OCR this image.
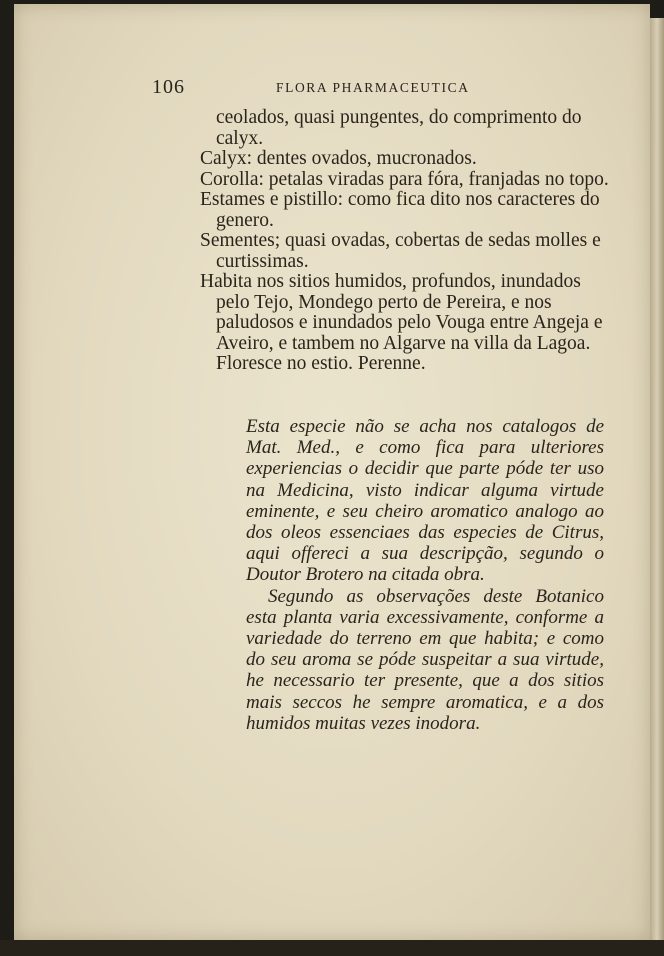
106	FLORA PHARMACEUTICA

ceolados, quasi pungentes, do comprimento do calyx.

Calyx: dentes ovados, mucronados.

Corolla: petalas viradas para fóra, franjadas no topo.

Estames e pistillo: como fica dito nos caracteres do genero.

Sementes; quasi ovadas, cobertas de sedas molles e curtissimas.

Habita nos sitios humidos, profundos, inundados pelo Tejo, Mondego perto de Pereira, e nos paludosos e inundados pelo Vouga entre Angeja e Aveiro, e tambem no Algarve na villa da Lagoa. Floresce no estio. Perenne.

Esta especie não se acha nos catalogos de Mat. Med., e como fica para ulteriores experiencias o decidir que parte póde ter uso na Medicina, visto indicar alguma virtude eminente, e seu cheiro aromatico analogo ao dos oleos essenciaes das especies de Citrus, aqui offereci a sua descripção, segundo o Doutor Brotero na citada obra.

Segundo as observações deste Botanico esta planta varia excessivamente, conforme a variedade do terreno em que habita; e como do seu aroma se póde suspeitar a sua virtude, he necessario ter presente, que a dos sitios mais seccos he sempre aromatica, e a dos humidos muitas vezes inodora.
